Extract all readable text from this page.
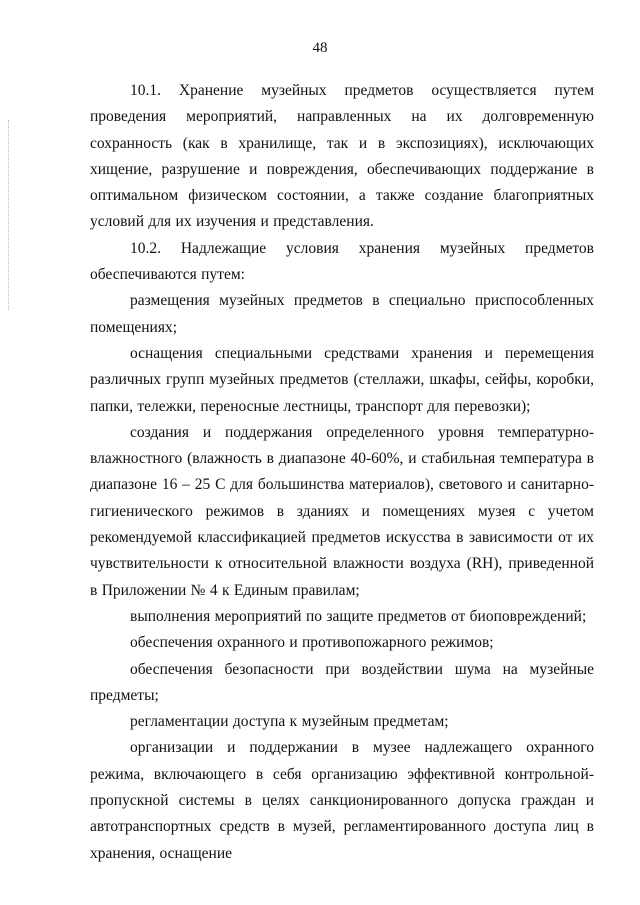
48

10.1. Хранение музейных предметов осуществляется путем проведения мероприятий, направленных на их долговременную сохранность (как в хранилище, так и в экспозициях), исключающих хищение, разрушение и повреждения, обеспечивающих поддержание в оптимальном физическом состоянии, а также создание благоприятных условий для их изучения и представления.

10.2. Надлежащие условия хранения музейных предметов обеспечиваются путем:

размещения музейных предметов в специально приспособленных помещениях;

оснащения специальными средствами хранения и перемещения различных групп музейных предметов (стеллажи, шкафы, сейфы, коробки, папки, тележки, переносные лестницы, транспорт для перевозки);

создания и поддержания определенного уровня температурно-влажностного (влажность в диапазоне 40-60%, и стабильная температура в диапазоне 16 – 25 С для большинства материалов), светового и санитарно-гигиенического режимов в зданиях и помещениях музея с учетом рекомендуемой классификацией предметов искусства в зависимости от их чувствительности к относительной влажности воздуха (RH), приведенной в Приложении № 4 к Единым правилам;

выполнения мероприятий по защите предметов от биоповреждений;

обеспечения охранного и противопожарного режимов;

обеспечения безопасности при воздействии шума на музейные предметы;

регламентации доступа к музейным предметам;

организации и поддержании в музее надлежащего охранного режима, включающего в себя организацию эффективной контрольной-пропускной системы в целях санкционированного допуска граждан и автотранспортных средств в музей, регламентированного доступа лиц в хранения, оснащение
